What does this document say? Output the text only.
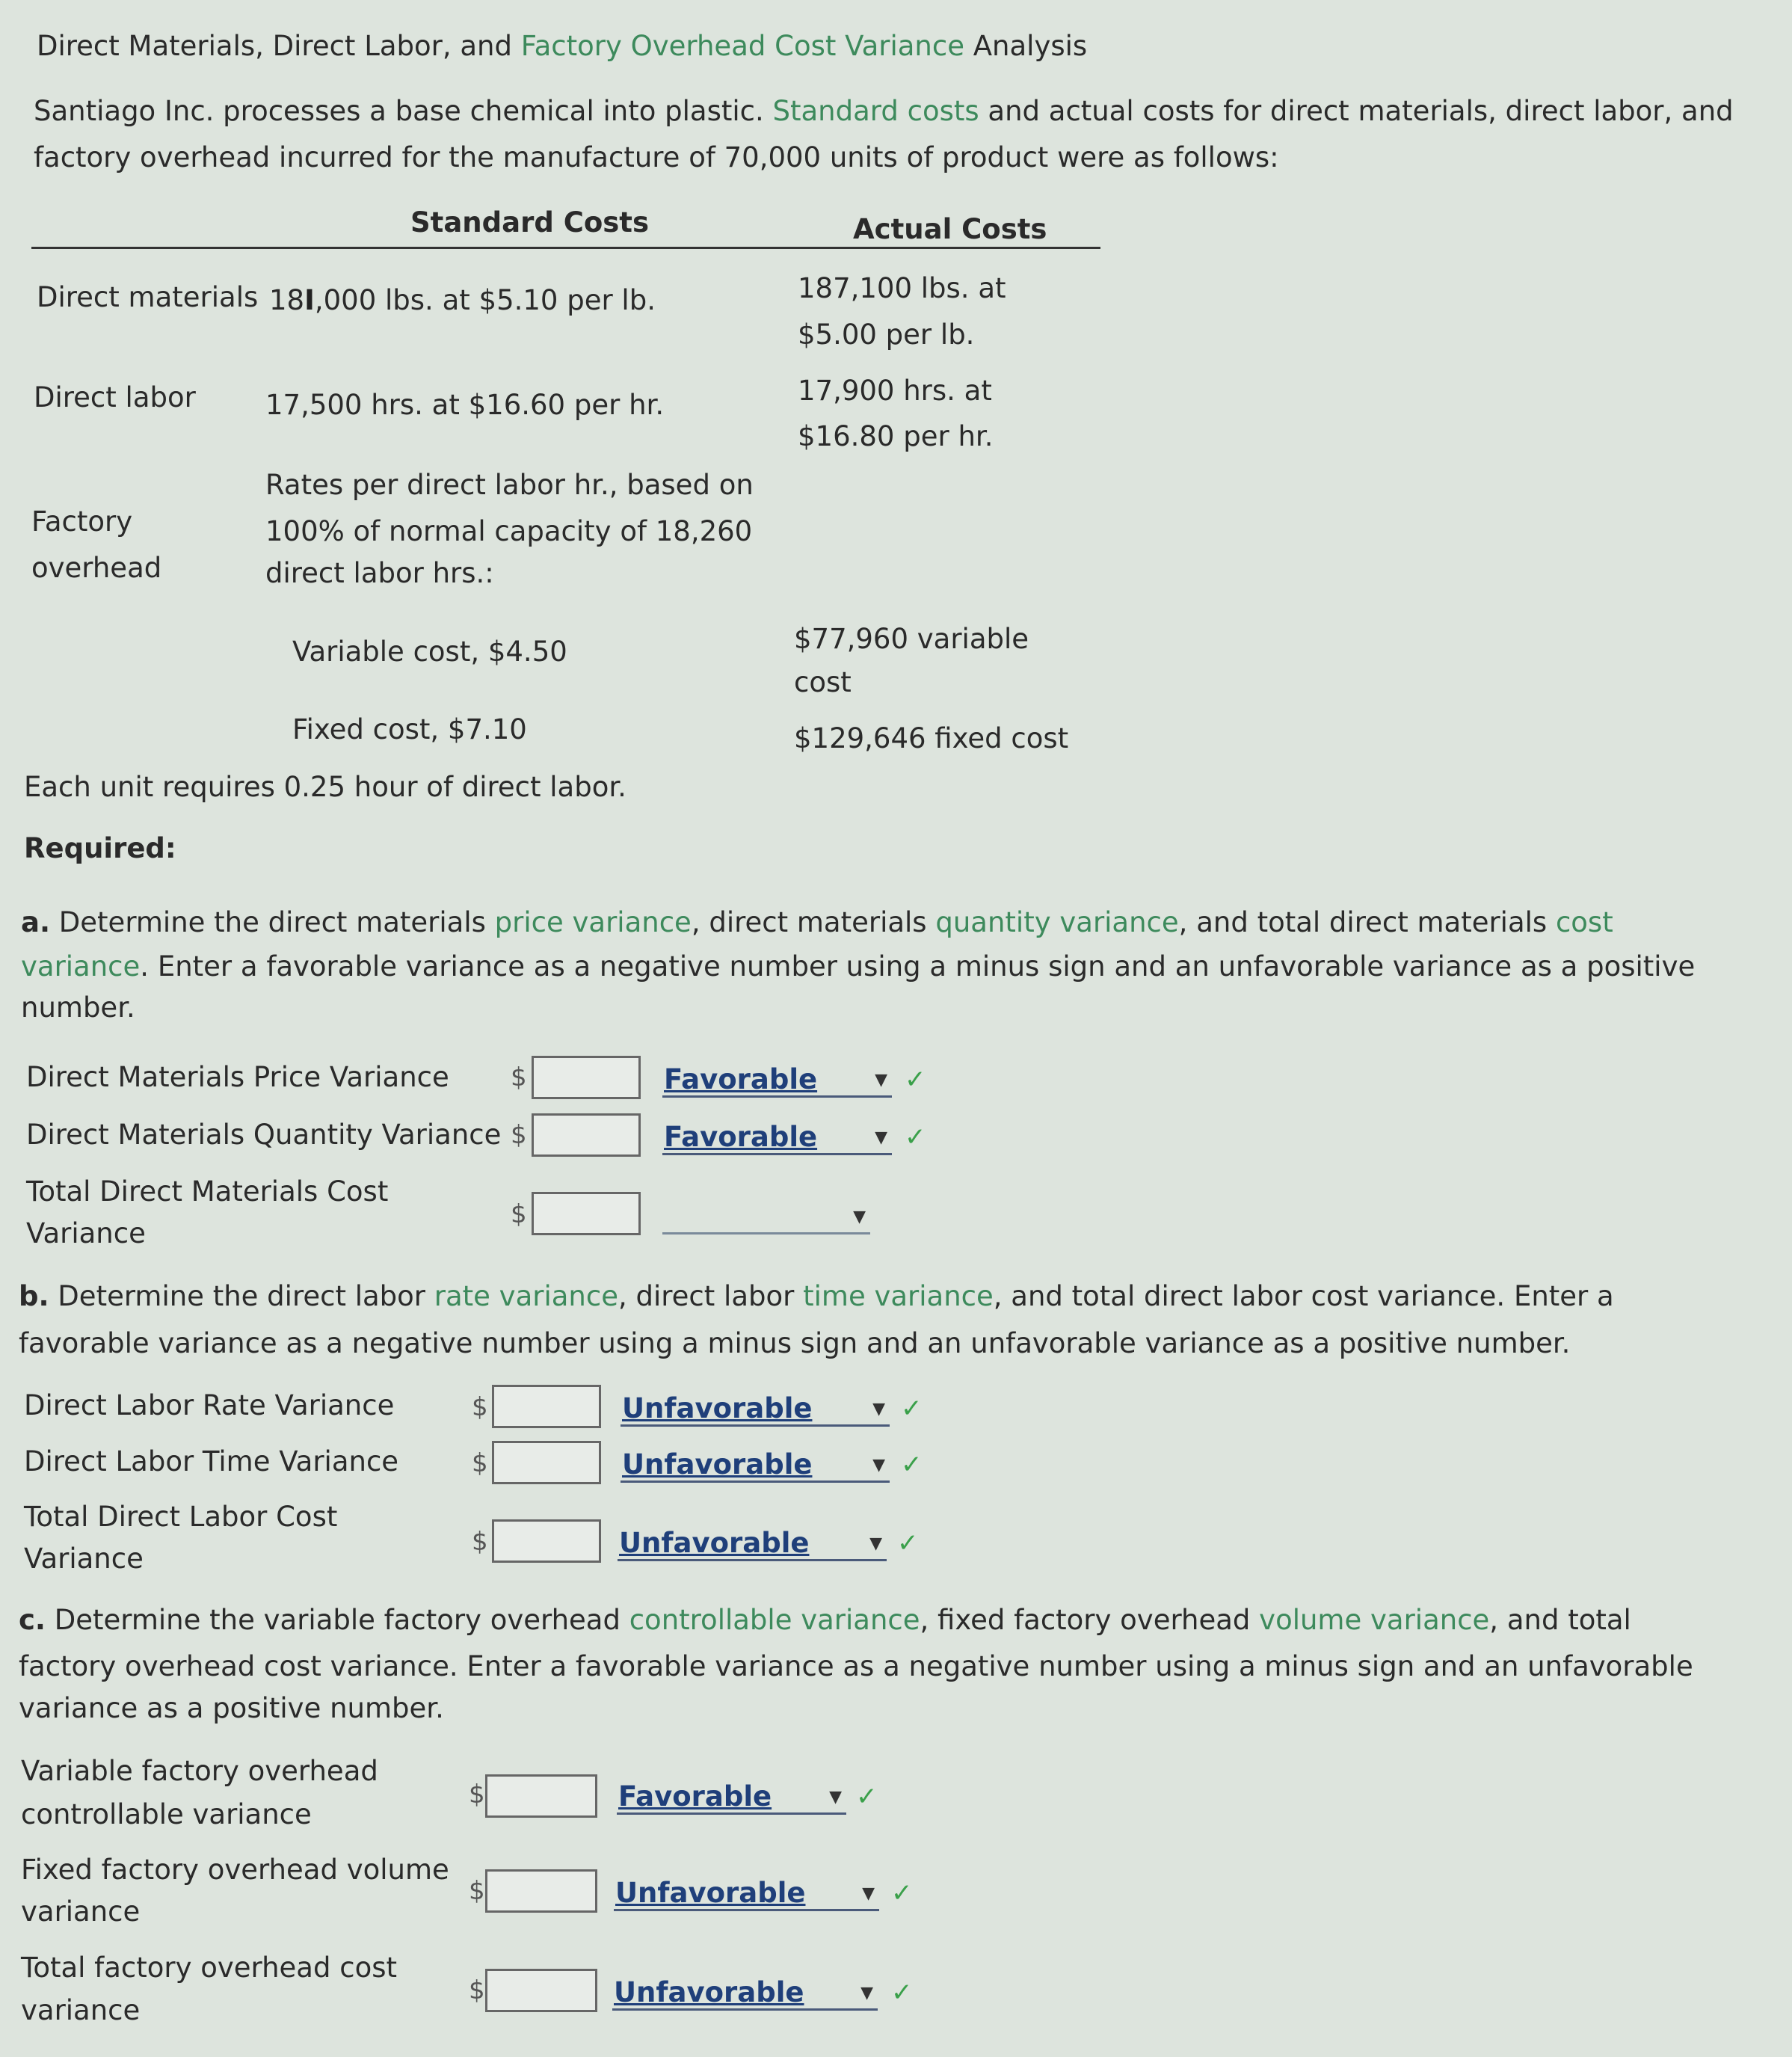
Direct Materials, Direct Labor, and Factory Overhead Cost Variance Analysis
Santiago Inc. processes a base chemical into plastic. Standard costs and actual costs for direct materials, direct labor, and
factory overhead incurred for the manufacture of 70,000 units of product were as follows:
Standard Costs	Actual Costs
Direct materials 18I,000 lbs. at $5.10 per lb.	187,100 lbs. at
$5.00 per lb.
Direct labor	17,500 hrs. at $16.60 per hr.	17,900 hrs. at
$16.80 per hr.
Rates per direct labor hr., based on
100% of normal capacity of 18,260
direct labor hrs.:
Factory
overhead
Variable cost, $4.50	$77,960 variable
cost
Fixed cost, $7.10	$129,646 fixed cost
Each unit requires 0.25 hour of direct labor.
Required:
a. Determine the direct materials price variance, direct materials quantity variance, and total direct materials cost
variance. Enter a favorable variance as a negative number using a minus sign and an unfavorable variance as a positive
number.
Direct Materials Price Variance $	Favorable	▼ ✓
Direct Materials Quantity Variance $	Favorable	▼ ✓
Total Direct Materials Cost
Variance
$	▼
b. Determine the direct labor rate variance, direct labor time variance, and total direct labor cost variance. Enter a
favorable variance as a negative number using a minus sign and an unfavorable variance as a positive number.
Direct Labor Rate Variance	$	Unfavorable	▼ ✓
Direct Labor Time Variance	$	Unfavorable	▼ ✓
Total Direct Labor Cost
Variance
$	Unfavorable	▼ ✓
c. Determine the variable factory overhead controllable variance, fixed factory overhead volume variance, and total
factory overhead cost variance. Enter a favorable variance as a negative number using a minus sign and an unfavorable
variance as a positive number.
Variable factory overhead
controllable variance
$	Favorable	▼ ✓
Fixed factory overhead volume
variance
$	Unfavorable	▼ ✓
Total factory overhead cost
variance
$	Unfavorable	▼ ✓
